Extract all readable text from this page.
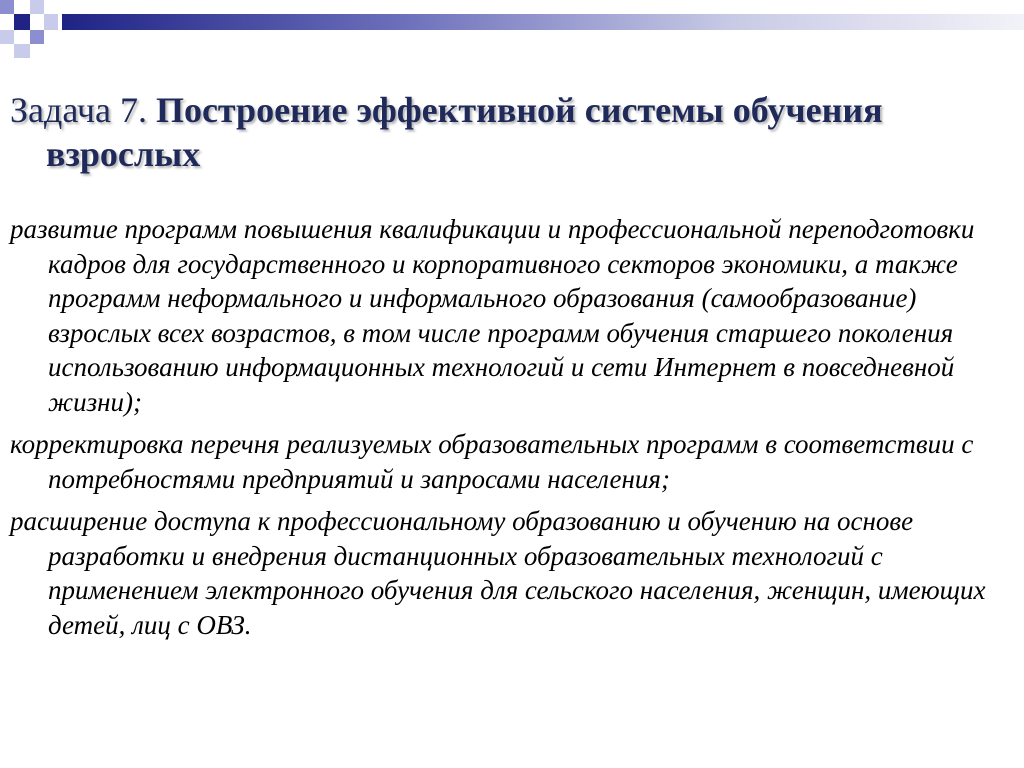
Задача 7. Построение эффективной системы обучения взрослых

развитие программ повышения квалификации и профессиональной переподготовки кадров для государственного и корпоративного секторов экономики, а также программ неформального и информального образования (самообразование) взрослых всех возрастов, в том числе программ обучения старшего поколения использованию информационных технологий и сети Интернет в повседневной жизни);

корректировка перечня реализуемых образовательных программ в соответствии с потребностями предприятий и запросами населения;

расширение доступа к профессиональному образованию и обучению на основе разработки и внедрения дистанционных образовательных технологий с применением электронного обучения для сельского населения, женщин, имеющих детей, лиц с ОВЗ.
